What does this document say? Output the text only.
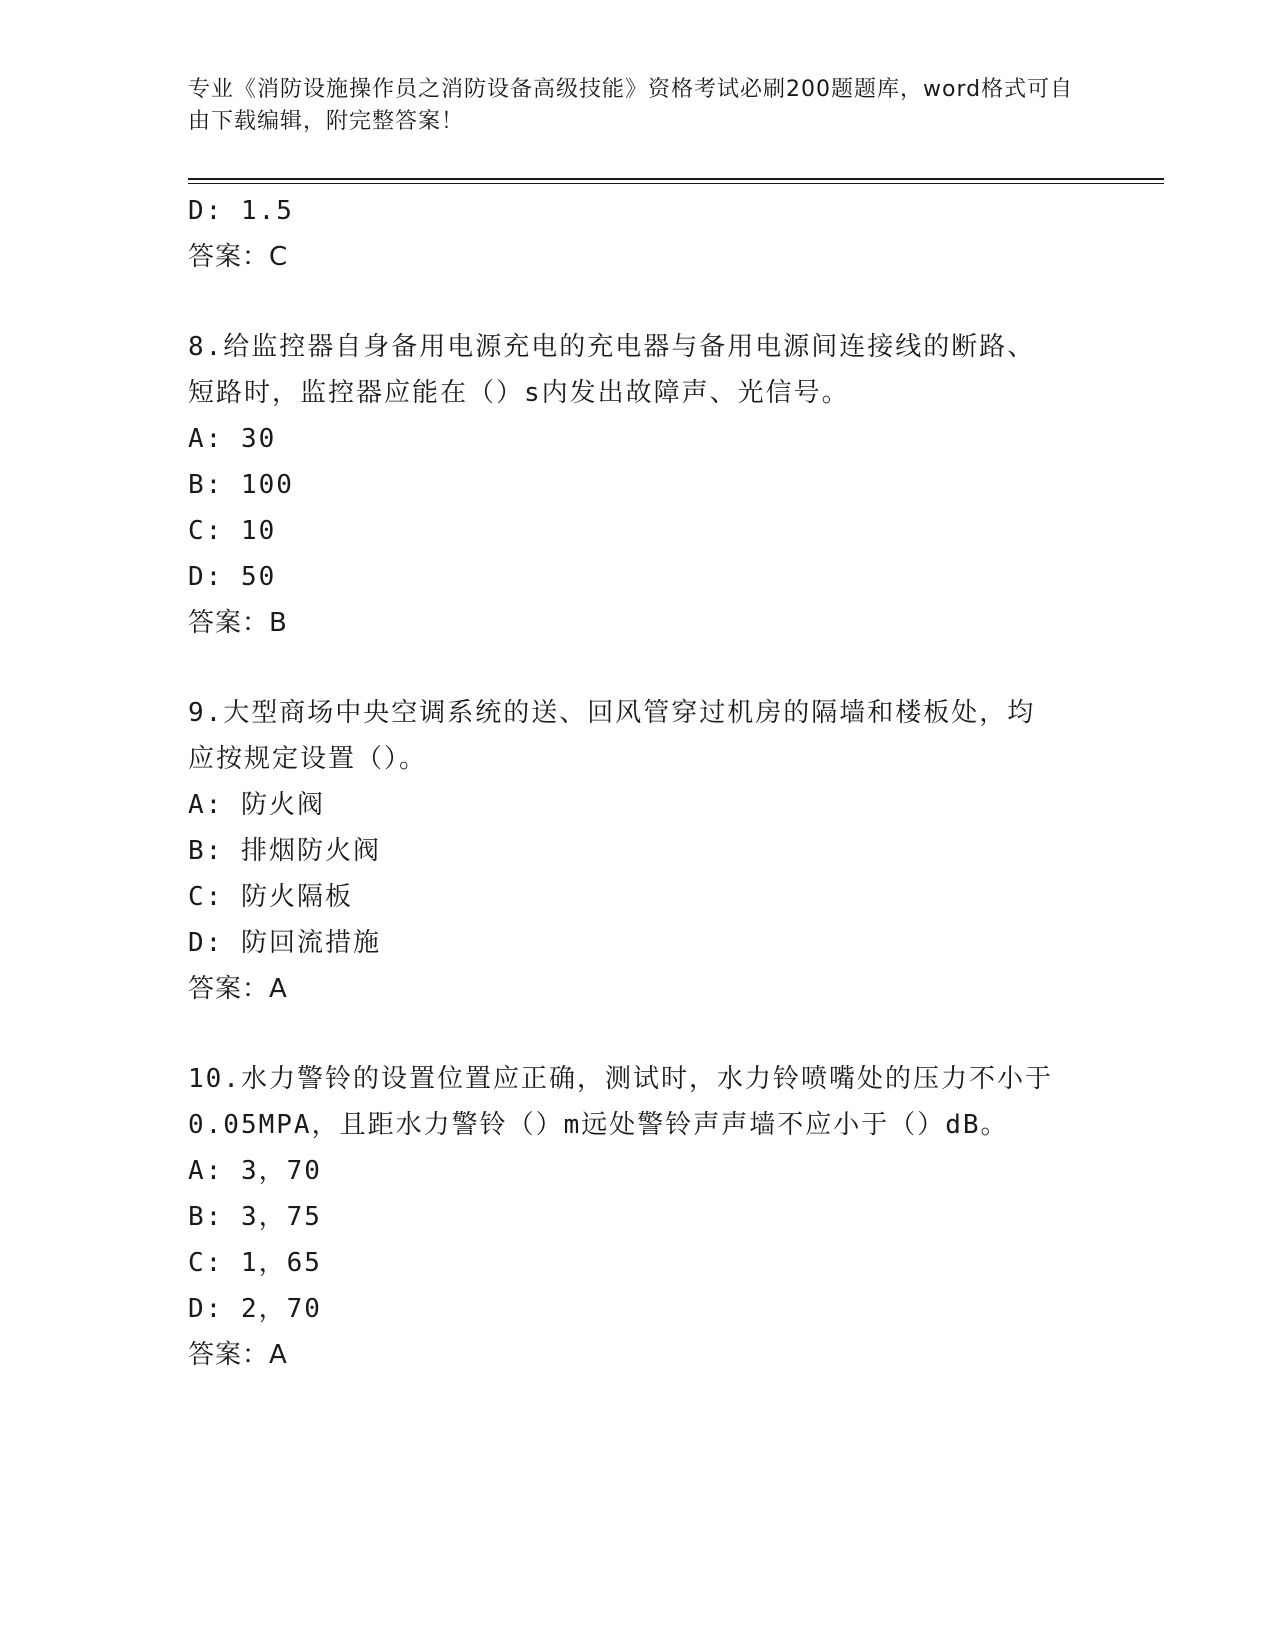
专业《消防设施操作员之消防设备高级技能》资格考试必刷200题题库，word格式可自由下载编辑，附完整答案！
D: 1.5
答案：C
8.给监控器自身备用电源充电的充电器与备用电源间连接线的断路、
短路时，监控器应能在（）s内发出故障声、光信号。
A: 30
B: 100
C: 10
D: 50
答案：B
9.大型商场中央空调系统的送、回风管穿过机房的隔墙和楼板处，均
应按规定设置（）。
A: 防火阀
B: 排烟防火阀
C: 防火隔板
D: 防回流措施
答案：A
10.水力警铃的设置位置应正确，测试时，水力铃喷嘴处的压力不小于
0.05MPA，且距水力警铃（）m远处警铃声声墙不应小于（）dB。
A: 3，70
B: 3，75
C: 1，65
D: 2，70
答案：A
